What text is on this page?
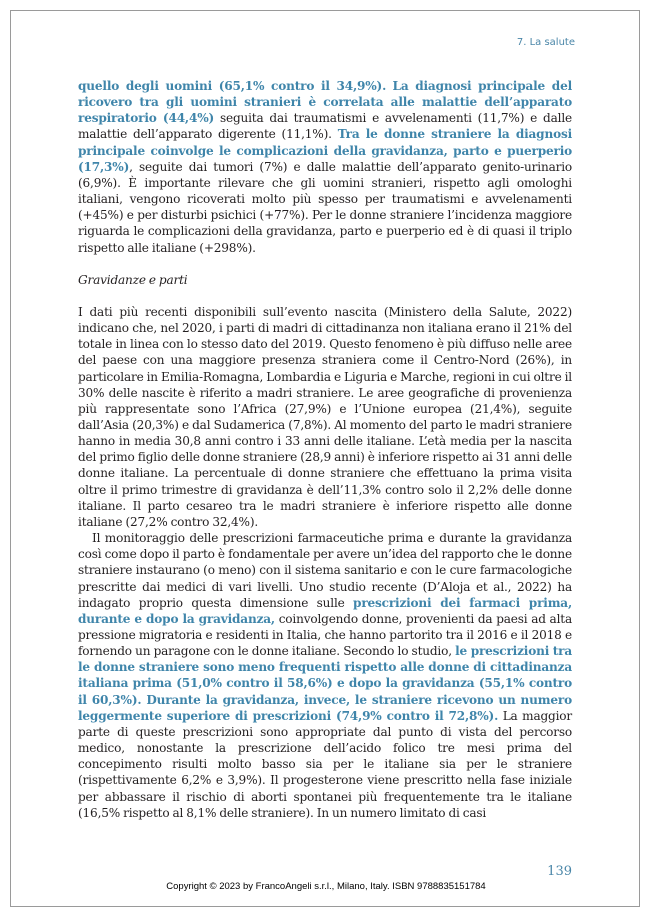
7. La salute

quello degli uomini (65,1% contro il 34,9%). La diagnosi principale del ricovero tra gli uomini stranieri è correlata alle malattie dell’apparato respiratorio (44,4%) seguita dai traumatismi e avvelenamenti (11,7%) e dalle malattie dell’apparato digerente (11,1%). Tra le donne straniere la diagnosi principale coinvolge le complicazioni della gravidanza, parto e puerperio (17,3%), seguite dai tumori (7%) e dalle malattie dell’apparato genito-urinario (6,9%). È importante rilevare che gli uomini stranieri, rispetto agli omologhi italiani, vengono ricoverati molto più spesso per traumatismi e avvelenamenti (+45%) e per disturbi psichici (+77%). Per le donne straniere l’incidenza maggiore riguarda le complicazioni della gravidanza, parto e puerperio ed è di quasi il triplo rispetto alle italiane (+298%).

Gravidanze e parti

I dati più recenti disponibili sull’evento nascita (Ministero della Salute, 2022) indicano che, nel 2020, i parti di madri di cittadinanza non italiana erano il 21% del totale in linea con lo stesso dato del 2019. Questo fenomeno è più diffuso nelle aree del paese con una maggiore presenza straniera come il Centro-Nord (26%), in particolare in Emilia-Romagna, Lombardia e Liguria e Marche, regioni in cui oltre il 30% delle nascite è riferito a madri straniere. Le aree geografiche di provenienza più rappresentate sono l’Africa (27,9%) e l’Unione europea (21,4%), seguite dall’Asia (20,3%) e dal Sudamerica (7,8%). Al momento del parto le madri straniere hanno in media 30,8 anni contro i 33 anni delle italiane. L’età media per la nascita del primo figlio delle donne straniere (28,9 anni) è inferiore rispetto ai 31 anni delle donne italiane. La percentuale di donne straniere che effettuano la prima visita oltre il primo trimestre di gravidanza è dell’11,3% contro solo il 2,2% delle donne italiane. Il parto cesareo tra le madri straniere è inferiore rispetto alle donne italiane (27,2% contro 32,4%).

Il monitoraggio delle prescrizioni farmaceutiche prima e durante la gravidanza così come dopo il parto è fondamentale per avere un’idea del rapporto che le donne straniere instaurano (o meno) con il sistema sanitario e con le cure farmacologiche prescritte dai medici di vari livelli. Uno studio recente (D’Aloja et al., 2022) ha indagato proprio questa dimensione sulle prescrizioni dei farmaci prima, durante e dopo la gravidanza, coinvolgendo donne, provenienti da paesi ad alta pressione migratoria e residenti in Italia, che hanno partorito tra il 2016 e il 2018 e fornendo un paragone con le donne italiane. Secondo lo studio, le prescrizioni tra le donne straniere sono meno frequenti rispetto alle donne di cittadinanza italiana prima (51,0% contro il 58,6%) e dopo la gravidanza (55,1% contro il 60,3%). Durante la gravidanza, invece, le straniere ricevono un numero leggermente superiore di prescrizioni (74,9% contro il 72,8%). La maggior parte di queste prescrizioni sono appropriate dal punto di vista del percorso medico, nonostante la prescrizione dell’acido folico tre mesi prima del concepimento risulti molto basso sia per le italiane sia per le straniere (rispettivamente 6,2% e 3,9%). Il progesterone viene prescritto nella fase iniziale per abbassare il rischio di aborti spontanei più frequentemente tra le italiane (16,5% rispetto al 8,1% delle straniere). In un numero limitato di casi

139
Copyright © 2023 by FrancoAngeli s.r.l., Milano, Italy. ISBN 9788835151784
